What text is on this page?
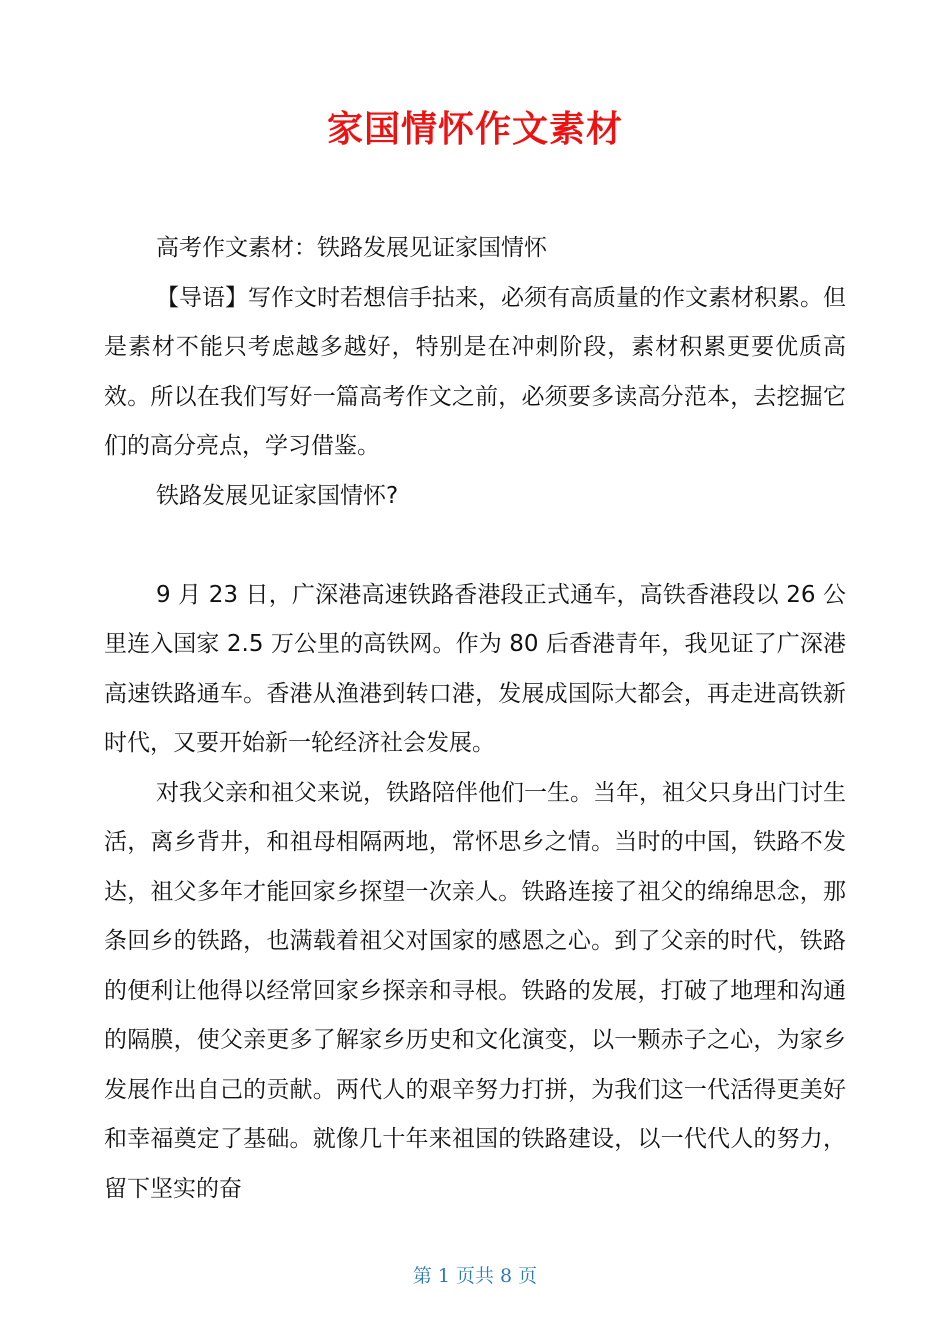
家国情怀作文素材

高考作文素材：铁路发展见证家国情怀

【导语】写作文时若想信手拈来，必须有高质量的作文素材积累。但是素材不能只考虑越多越好，特别是在冲刺阶段，素材积累更要优质高效。所以在我们写好一篇高考作文之前，必须要多读高分范本，去挖掘它们的高分亮点，学习借鉴。

铁路发展见证家国情怀?

9 月 23 日，广深港高速铁路香港段正式通车，高铁香港段以 26 公里连入国家 2.5 万公里的高铁网。作为 80 后香港青年，我见证了广深港高速铁路通车。香港从渔港到转口港，发展成国际大都会，再走进高铁新时代，又要开始新一轮经济社会发展。

对我父亲和祖父来说，铁路陪伴他们一生。当年，祖父只身出门讨生活，离乡背井，和祖母相隔两地，常怀思乡之情。当时的中国，铁路不发达，祖父多年才能回家乡探望一次亲人。铁路连接了祖父的绵绵思念，那条回乡的铁路，也满载着祖父对国家的感恩之心。到了父亲的时代，铁路的便利让他得以经常回家乡探亲和寻根。铁路的发展，打破了地理和沟通的隔膜，使父亲更多了解家乡历史和文化演变，以一颗赤子之心，为家乡发展作出自己的贡献。两代人的艰辛努力打拼，为我们这一代活得更美好和幸福奠定了基础。就像几十年来祖国的铁路建设，以一代代人的努力，留下坚实的奋

第 1 页共 8 页
